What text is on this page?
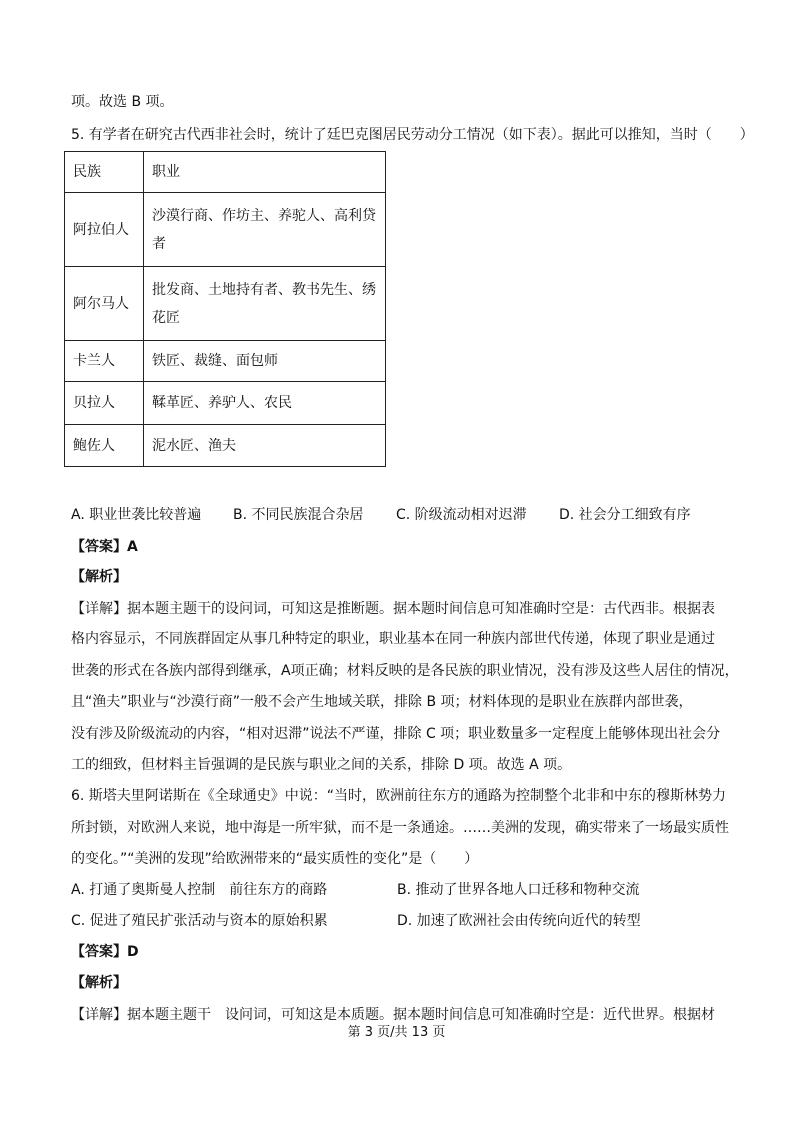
项。故选 B 项。
5. 有学者在研究古代西非社会时，统计了廷巴克图居民劳动分工情况（如下表）。据此可以推知，当时（　　）
民族	职业
阿拉伯人	沙漠行商、作坊主、养驼人、高利贷
者

阿尔马人	批发商、土地持有者、教书先生、绣
花匠

卡兰人	铁匠、裁缝、面包师
贝拉人	鞣革匠、养驴人、农民
鲍佐人	泥水匠、渔夫
A. 职业世袭比较普遍 B. 不同民族混合杂居 C. 阶级流动相对迟滞 D. 社会分工细致有序
【答案】A
【解析】
【详解】据本题主题干的设问词，可知这是推断题。据本题时间信息可知准确时空是：古代西非。根据表
格内容显示，不同族群固定从事几种特定的职业，职业基本在同一种族内部世代传递，体现了职业是通过
世袭的形式在各族内部得到继承，A项正确；材料反映的是各民族的职业情况，没有涉及这些人居住的情况，
且“渔夫”职业与“沙漠行商”一般不会产生地域关联，排除 B 项；材料体现的是职业在族群内部世袭，
没有涉及阶级流动的内容，“相对迟滞”说法不严谨，排除 C 项；职业数量多一定程度上能够体现出社会分
工的细致，但材料主旨强调的是民族与职业之间的关系，排除 D 项。故选 A 项。
6. 斯塔夫里阿诺斯在《全球通史》中说：“当时，欧洲前往东方的通路为控制整个北非和中东的穆斯林势力
所封锁，对欧洲人来说，地中海是一所牢狱，而不是一条通途。……美洲的发现，确实带来了一场最实质性
的变化。”“美洲的发现”给欧洲带来的“最实质性的变化”是（　　）
A. 打通了奥斯曼人控制　前往东方的商路	B. 推动了世界各地人口迁移和物种交流
C. 促进了殖民扩张活动与资本的原始积累	D. 加速了欧洲社会由传统向近代的转型
【答案】D
【解析】
【详解】据本题主题干　设问词，可知这是本质题。据本题时间信息可知准确时空是：近代世界。根据材
第 3 页/共 13 页
